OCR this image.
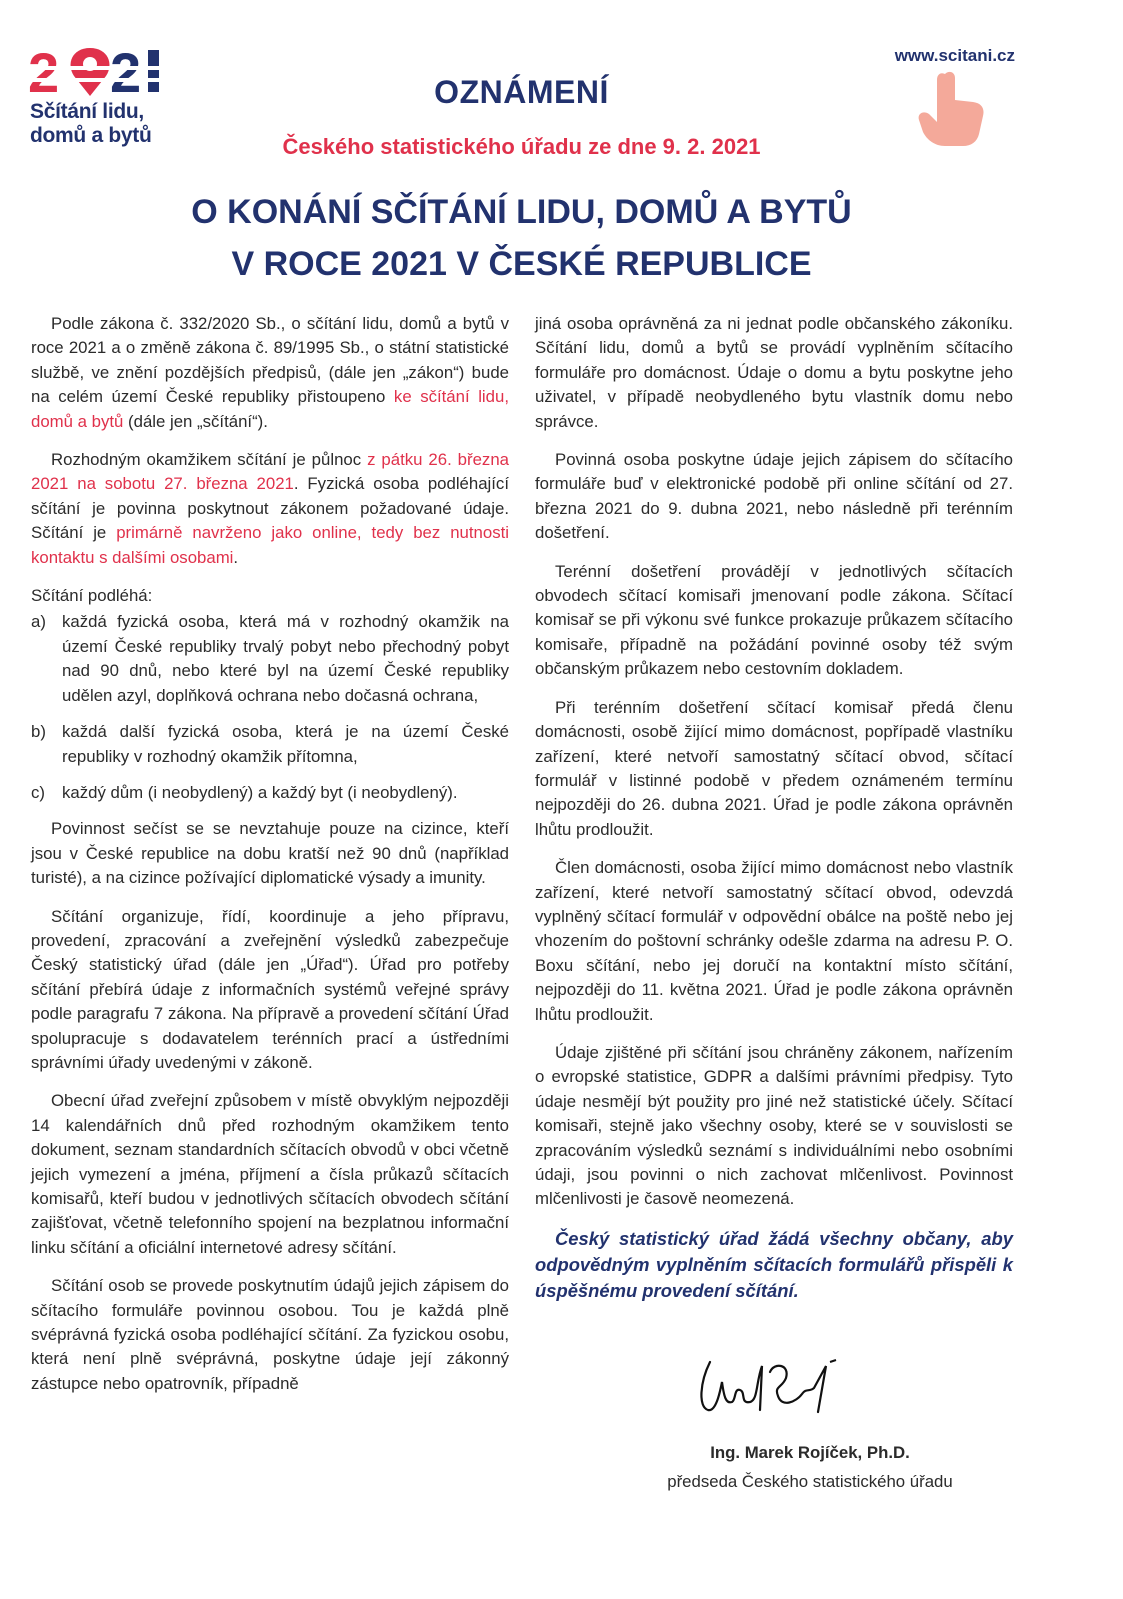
Sčítání lidu,
domů a bytů
www.scitani.cz
OZNÁMENÍ
Českého statistického úřadu ze dne 9. 2. 2021
O KONÁNÍ SČÍTÁNÍ LIDU, DOMŮ A BYTŮ
V ROCE 2021 V ČESKÉ REPUBLICE

Podle zákona č. 332/2020 Sb., o sčítání lidu, domů a bytů v roce 2021 a o změně zákona č. 89/1995 Sb., o státní statistické službě, ve znění pozdějších předpisů, (dále jen „zákon“) bude na celém území České republiky přistoupeno ke sčítání lidu, domů a bytů (dále jen „sčítání“).

Rozhodným okamžikem sčítání je půlnoc z pátku 26. března 2021 na sobotu 27. března 2021. Fyzická osoba podléhající sčítání je povinna poskytnout zákonem požadované údaje. Sčítání je primárně navrženo jako online, tedy bez nutnosti kontaktu s dalšími osobami.

Sčítání podléhá:

a) každá fyzická osoba, která má v rozhodný okamžik na území České republiky trvalý pobyt nebo přechodný pobyt nad 90 dnů, nebo které byl na území České republiky udělen azyl, doplňková ochrana nebo dočasná ochrana,
b) každá další fyzická osoba, která je na území České republiky v rozhodný okamžik přítomna,
c)	každý dům (i neobydlený) a každý byt (i neobydlený).

Povinnost sečíst se se nevztahuje pouze na cizince, kteří jsou v České republice na dobu kratší než 90 dnů (například turisté), a na cizince požívající diplomatické výsady a imunity.

Sčítání organizuje, řídí, koordinuje a jeho přípravu, provedení, zpracování a zveřejnění výsledků zabezpečuje Český statistický úřad (dále jen „Úřad“). Úřad pro potřeby sčítání přebírá údaje z informačních systémů veřejné správy podle paragrafu 7 zákona. Na přípravě a provedení sčítání Úřad spolupracuje s dodavatelem terénních prací a ústředními správními úřady uvedenými v zákoně.

Obecní úřad zveřejní způsobem v místě obvyklým nejpozději 14 kalendářních dnů před rozhodným okamžikem tento dokument, seznam standardních sčítacích obvodů v obci včetně jejich vymezení a jména, příjmení a čísla průkazů sčítacích komisařů, kteří budou v jednotlivých sčítacích obvodech sčítání zajišťovat, včetně telefonního spojení na bezplatnou informační linku sčítání a oficiální internetové adresy sčítání.

Sčítání osob se provede poskytnutím údajů jejich zápisem do sčítacího formuláře povinnou osobou. Tou je každá plně svéprávná fyzická osoba podléhající sčítání. Za fyzickou osobu, která není plně svéprávná, poskytne údaje její zákonný zástupce nebo opatrovník, případně

jiná osoba oprávněná za ni jednat podle občanského zákoníku. Sčítání lidu, domů a bytů se provádí vyplněním sčítacího formuláře pro domácnost. Údaje o domu a bytu poskytne jeho uživatel, v případě neobydleného bytu vlastník domu nebo správce.

Povinná osoba poskytne údaje jejich zápisem do sčítacího formuláře buď v elektronické podobě při online sčítání od 27. března 2021 do 9. dubna 2021, nebo následně při terénním došetření.

Terénní došetření provádějí v jednotlivých sčítacích obvodech sčítací komisaři jmenovaní podle zákona. Sčítací komisař se při výkonu své funkce prokazuje průkazem sčítacího komisaře, případně na požádání povinné osoby též svým občanským průkazem nebo cestovním dokladem.

Při terénním došetření sčítací komisař předá členu domácnosti, osobě žijící mimo domácnost, popřípadě vlastníku zařízení, které netvoří samostatný sčítací obvod, sčítací formulář v listinné podobě v předem oznámeném termínu nejpozději do 26. dubna 2021. Úřad je podle zákona oprávněn lhůtu prodloužit.

Člen domácnosti, osoba žijící mimo domácnost nebo vlastník zařízení, které netvoří samostatný sčítací obvod, odevzdá vyplněný sčítací formulář v odpovědní obálce na poště nebo jej vhozením do poštovní schránky odešle zdarma na adresu P. O. Boxu sčítání, nebo jej doručí na kontaktní místo sčítání, nejpozději do 11. května 2021. Úřad je podle zákona oprávněn lhůtu prodloužit.

Údaje zjištěné při sčítání jsou chráněny zákonem, nařízením o evropské statistice, GDPR a dalšími právními předpisy. Tyto údaje nesmějí být použity pro jiné než statistické účely. Sčítací komisaři, stejně jako všechny osoby, které se v souvislosti se zpracováním výsledků seznámí s individuálními nebo osobními údaji, jsou povinni o nich zachovat mlčenlivost. Povinnost mlčenlivosti je časově neomezená.

Český statistický úřad žádá všechny občany, aby odpovědným vyplněním sčítacích formulářů přispěli k úspěšnému provedení sčítání.

Ing. Marek Rojíček, Ph.D.
předseda Českého statistického úřadu
